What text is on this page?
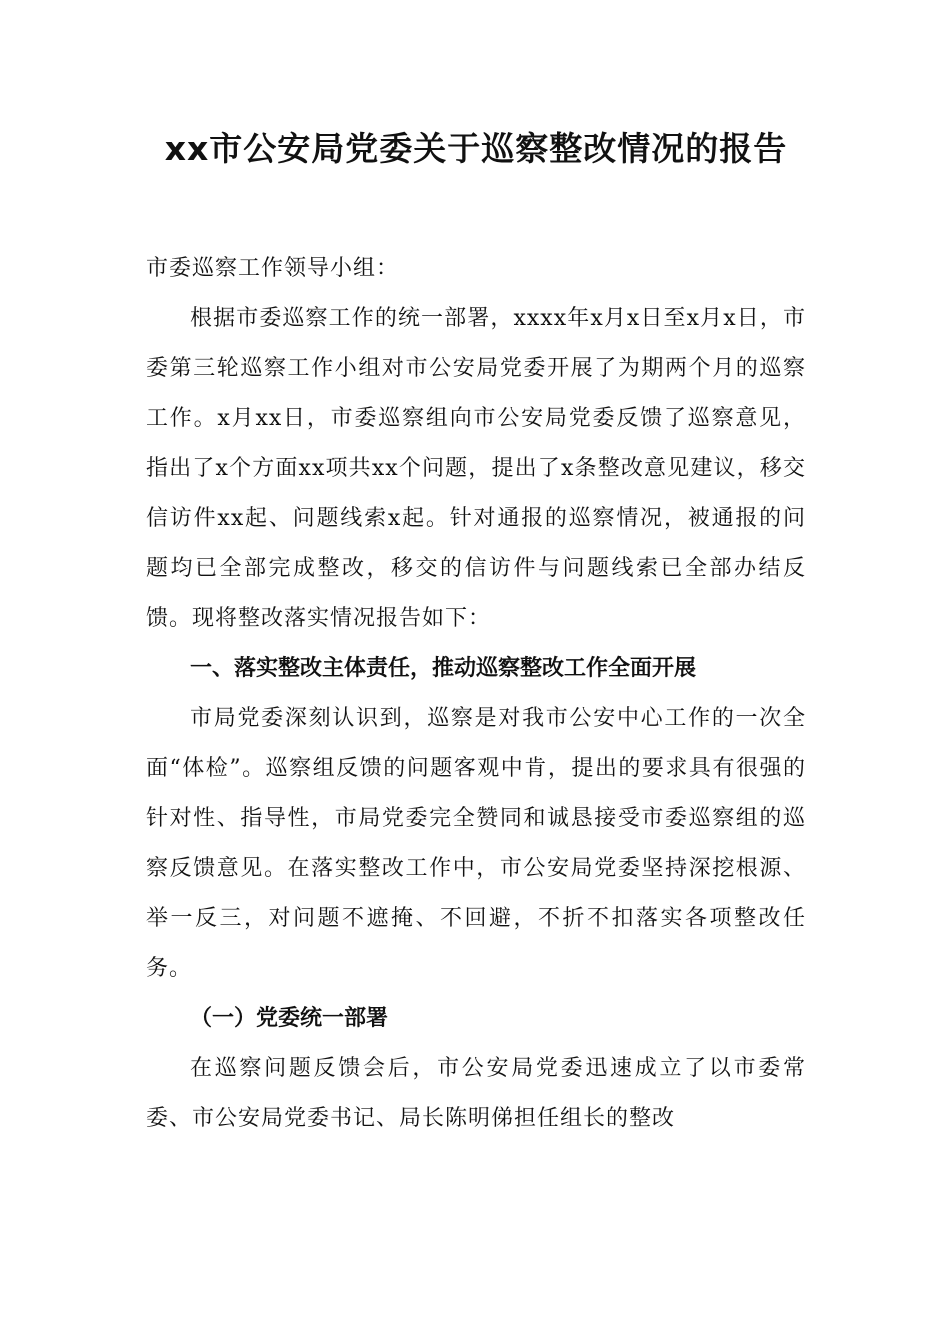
xx市公安局党委关于巡察整改情况的报告

市委巡察工作领导小组：

根据市委巡察工作的统一部署，xxxx年x月x日至x月x日，市委第三轮巡察工作小组对市公安局党委开展了为期两个月的巡察工作。x月xx日，市委巡察组向市公安局党委反馈了巡察意见，指出了x个方面xx项共xx个问题，提出了x条整改意见建议，移交信访件xx起、问题线索x起。针对通报的巡察情况，被通报的问题均已全部完成整改，移交的信访件与问题线索已全部办结反馈。现将整改落实情况报告如下：

一、落实整改主体责任，推动巡察整改工作全面开展

市局党委深刻认识到，巡察是对我市公安中心工作的一次全面“体检”。巡察组反馈的问题客观中肯，提出的要求具有很强的针对性、指导性，市局党委完全赞同和诚恳接受市委巡察组的巡察反馈意见。在落实整改工作中，市公安局党委坚持深挖根源、举一反三，对问题不遮掩、不回避，不折不扣落实各项整改任务。

（一）党委统一部署

在巡察问题反馈会后，市公安局党委迅速成立了以市委常委、市公安局党委书记、局长陈明俤担任组长的整改
